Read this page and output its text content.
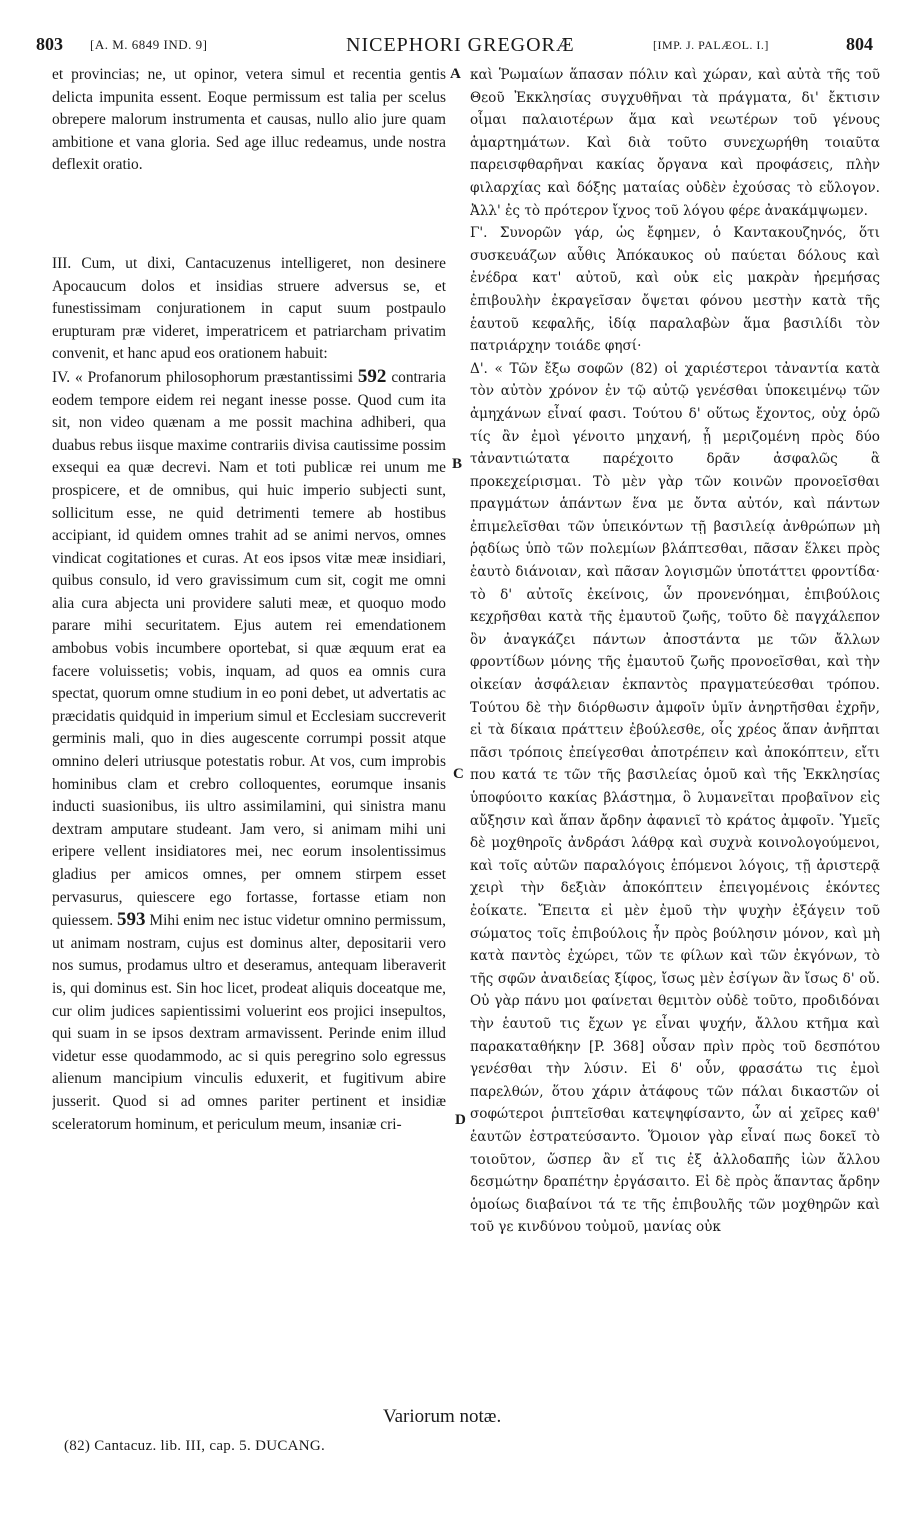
803 [A. M. 6849 IND. 9]	NICEPHORI GREGORÆ	[IMP. J. PALÆOL. I.]	804

et provincias; ne, ut opinor, vetera simul et recentia gentis delicta impunita essent. Eoque permissum est talia per scelus obrepere malorum instrumenta et causas, nullo alio jure quam ambitione et vana gloria. Sed age illuc redeamus, unde nostra deflexit oratio.

III. Cum, ut dixi, Cantacuzenus intelligeret, non desinere Apocaucum dolos et insidias struere adversus se, et funestissimam conjurationem in caput suum postpaulo erupturam præ videret, imperatricem et patriarcham privatim convenit, et hanc apud eos orationem habuit:

IV. « Profanorum philosophorum præstantissimi 592 contraria eodem tempore eidem rei negant inesse posse. Quod cum ita sit, non video quænam a me possit machina adhiberi, qua duabus rebus iisque maxime contrariis divisa cautissime possim exsequi ea quæ decrevi. Nam et toti publicæ rei unum me prospicere, et de omnibus, qui huic imperio subjecti sunt, sollicitum esse, ne quid detrimenti temere ab hostibus accipiant, id quidem omnes trahit ad se animi nervos, omnes vindicat cogitationes et curas. At eos ipsos vitæ meæ insidiari, quibus consulo, id vero gravissimum cum sit, cogit me omni alia cura abjecta uni providere saluti meæ, et quoquo modo parare mihi securitatem. Ejus autem rei emendationem ambobus vobis incumbere oportebat, si quæ æquum erat ea facere voluissetis; vobis, inquam, ad quos ea omnis cura spectat, quorum omne studium in eo poni debet, ut advertatis ac præcidatis quidquid in imperium simul et Ecclesiam succreverit germinis mali, quo in dies augescente corrumpi possit atque omnino deleri utriusque potestatis robur. At vos, cum improbis hominibus clam et crebro colloquentes, eorumque insanis inducti suasionibus, iis ultro assimilamini, qui sinistra manu dextram amputare studeant. Jam vero, si animam mihi uni eripere vellent insidiatores mei, nec eorum insolentissimus gladius per amicos omnes, per omnem stirpem esset pervasurus, quiescere ego fortasse, fortasse etiam non quiessem. 593 Mihi enim nec istuc videtur omnino permissum, ut animam nostram, cujus est dominus alter, depositarii vero nos sumus, prodamus ultro et deseramus, antequam liberaverit is, qui dominus est. Sin hoc licet, prodeat aliquis doceatque me, cur olim judices sapientissimi voluerint eos projici insepultos, qui suam in se ipsos dextram armavissent. Perinde enim illud videtur esse quodammodo, ac si quis peregrino solo egressus alienum mancipium vinculis eduxerit, et fugitivum abire jusserit. Quod si ad omnes pariter pertinent et insidiæ sceleratorum hominum, et periculum meum, insaniæ cri-

A
B
C
D

καὶ Ῥωμαίων ἅπασαν πόλιν καὶ χώραν, καὶ αὐτὰ τῆς τοῦ Θεοῦ Ἐκκλησίας συγχυθῆναι τὰ πράγματα, δι' ἔκτισιν οἶμαι παλαιοτέρων ἅμα καὶ νεωτέρων τοῦ γένους ἁμαρτημάτων. Καὶ διὰ τοῦτο συνεχωρήθη τοιαῦτα παρεισφθαρῆναι κακίας ὄργανα καὶ προφάσεις, πλὴν φιλαρχίας καὶ δόξης ματαίας οὐδὲν ἐχούσας τὸ εὔλογον. Ἀλλ' ἐς τὸ πρότερον ἴχνος τοῦ λόγου φέρε ἀνακάμψωμεν.

Γ'. Συνορῶν γάρ, ὡς ἔφημεν, ὁ Καντακουζηνός, ὅτι συσκευάζων αὖθις Ἀπόκαυκος οὐ παύεται δόλους καὶ ἐνέδρα κατ' αὐτοῦ, καὶ οὐκ εἰς μακρὰν ἠρεμήσας ἐπιβουλὴν ἐκραγεῖσαν ὄψεται φόνου μεστὴν κατὰ τῆς ἑαυτοῦ κεφαλῆς, ἰδίᾳ παραλαβὼν ἅμα βασιλίδι τὸν πατριάρχην τοιάδε φησί·

Δ'. « Τῶν ἔξω σοφῶν (82) οἱ χαριέστεροι τἀναντία κατὰ τὸν αὐτὸν χρόνον ἐν τῷ αὐτῷ γενέσθαι ὑποκειμένῳ τῶν ἀμηχάνων εἶναί φασι. Τούτου δ' οὕτως ἔχοντος, οὐχ ὁρῶ τίς ἂν ἐμοὶ γένοιτο μηχανή, ᾗ μεριζομένη πρὸς δύο τἀναντιώτατα παρέχοιτο δρᾶν ἀσφαλῶς ἃ προκεχείρισμαι. Τὸ μὲν γὰρ τῶν κοινῶν προνοεῖσθαι πραγμάτων ἁπάντων ἕνα με ὄντα αὐτόν, καὶ πάντων ἐπιμελεῖσθαι τῶν ὑπεικόντων τῇ βασιλείᾳ ἀνθρώπων μὴ ῥᾳδίως ὑπὸ τῶν πολεμίων βλάπτεσθαι, πᾶσαν ἕλκει πρὸς ἑαυτὸ διάνοιαν, καὶ πᾶσαν λογισμῶν ὑποτάττει φροντίδα· τὸ δ' αὐτοῖς ἐκείνοις, ὧν προνενόημαι, ἐπιβούλοις κεχρῆσθαι κατὰ τῆς ἐμαυτοῦ ζωῆς, τοῦτο δὲ παγχάλεπον ὂν ἀναγκάζει πάντων ἀποστάντα με τῶν ἄλλων φροντίδων μόνης τῆς ἐμαυτοῦ ζωῆς προνοεῖσθαι, καὶ τὴν οἰκείαν ἀσφάλειαν ἐκπαντὸς πραγματεύεσθαι τρόπου. Τούτου δὲ τὴν διόρθωσιν ἀμφοῖν ὑμῖν ἀνηρτῆσθαι ἐχρῆν, εἰ τὰ δίκαια πράττειν ἐβούλεσθε, οἷς χρέος ἅπαν ἀνῆπται πᾶσι τρόποις ἐπείγεσθαι ἀποτρέπειν καὶ ἀποκόπτειν, εἴτι που κατά τε τῶν τῆς βασιλείας ὁμοῦ καὶ τῆς Ἐκκλησίας ὑποφύοιτο κακίας βλάστημα, ὃ λυμανεῖται προβαῖνον εἰς αὔξησιν καὶ ἅπαν ἄρδην ἀφανιεῖ τὸ κράτος ἀμφοῖν. Ὑμεῖς δὲ μοχθηροῖς ἀνδράσι λάθρᾳ καὶ συχνὰ κοινολογούμενοι, καὶ τοῖς αὐτῶν παραλόγοις ἑπόμενοι λόγοις, τῇ ἀριστερᾷ χειρὶ τὴν δεξιὰν ἀποκόπτειν ἐπειγομένοις ἑκόντες ἐοίκατε. Ἔπειτα εἰ μὲν ἐμοῦ τὴν ψυχὴν ἐξάγειν τοῦ σώματος τοῖς ἐπιβούλοις ἦν πρὸς βούλησιν μόνον, καὶ μὴ κατὰ παντὸς ἐχώρει, τῶν τε φίλων καὶ τῶν ἐκγόνων, τὸ τῆς σφῶν ἀναιδείας ξίφος, ἴσως μὲν ἐσίγων ἂν ἴσως δ' οὔ. Οὐ γὰρ πάνυ μοι φαίνεται θεμιτὸν οὐδὲ τοῦτο, προδιδόναι τὴν ἑαυτοῦ τις ἔχων γε εἶναι ψυχήν, ἄλλου κτῆμα καὶ παρακαταθήκην [P. 368] οὖσαν πρὶν πρὸς τοῦ δεσπότου γενέσθαι τὴν λύσιν. Εἰ δ' οὖν, φρασάτω τις ἐμοὶ παρελθών, ὅτου χάριν ἀτάφους τῶν πάλαι δικαστῶν οἱ σοφώτεροι ῥιπτεῖσθαι κατεψηφίσαντο, ὧν αἱ χεῖρες καθ' ἑαυτῶν ἐστρατεύσαντο. Ὅμοιον γὰρ εἶναί πως δοκεῖ τὸ τοιοῦτον, ὥσπερ ἂν εἴ τις ἐξ ἀλλοδαπῆς ἰὼν ἄλλου δεσμώτην δραπέτην ἐργάσαιτο. Εἰ δὲ πρὸς ἅπαντας ἄρδην ὁμοίως διαβαίνοι τά τε τῆς ἐπιβουλῆς τῶν μοχθηρῶν καὶ τοῦ γε κινδύνου τοὐμοῦ, μανίας οὐκ

Variorum notæ.
(82) Cantacuz. lib. III, cap. 5. DUCANG.
